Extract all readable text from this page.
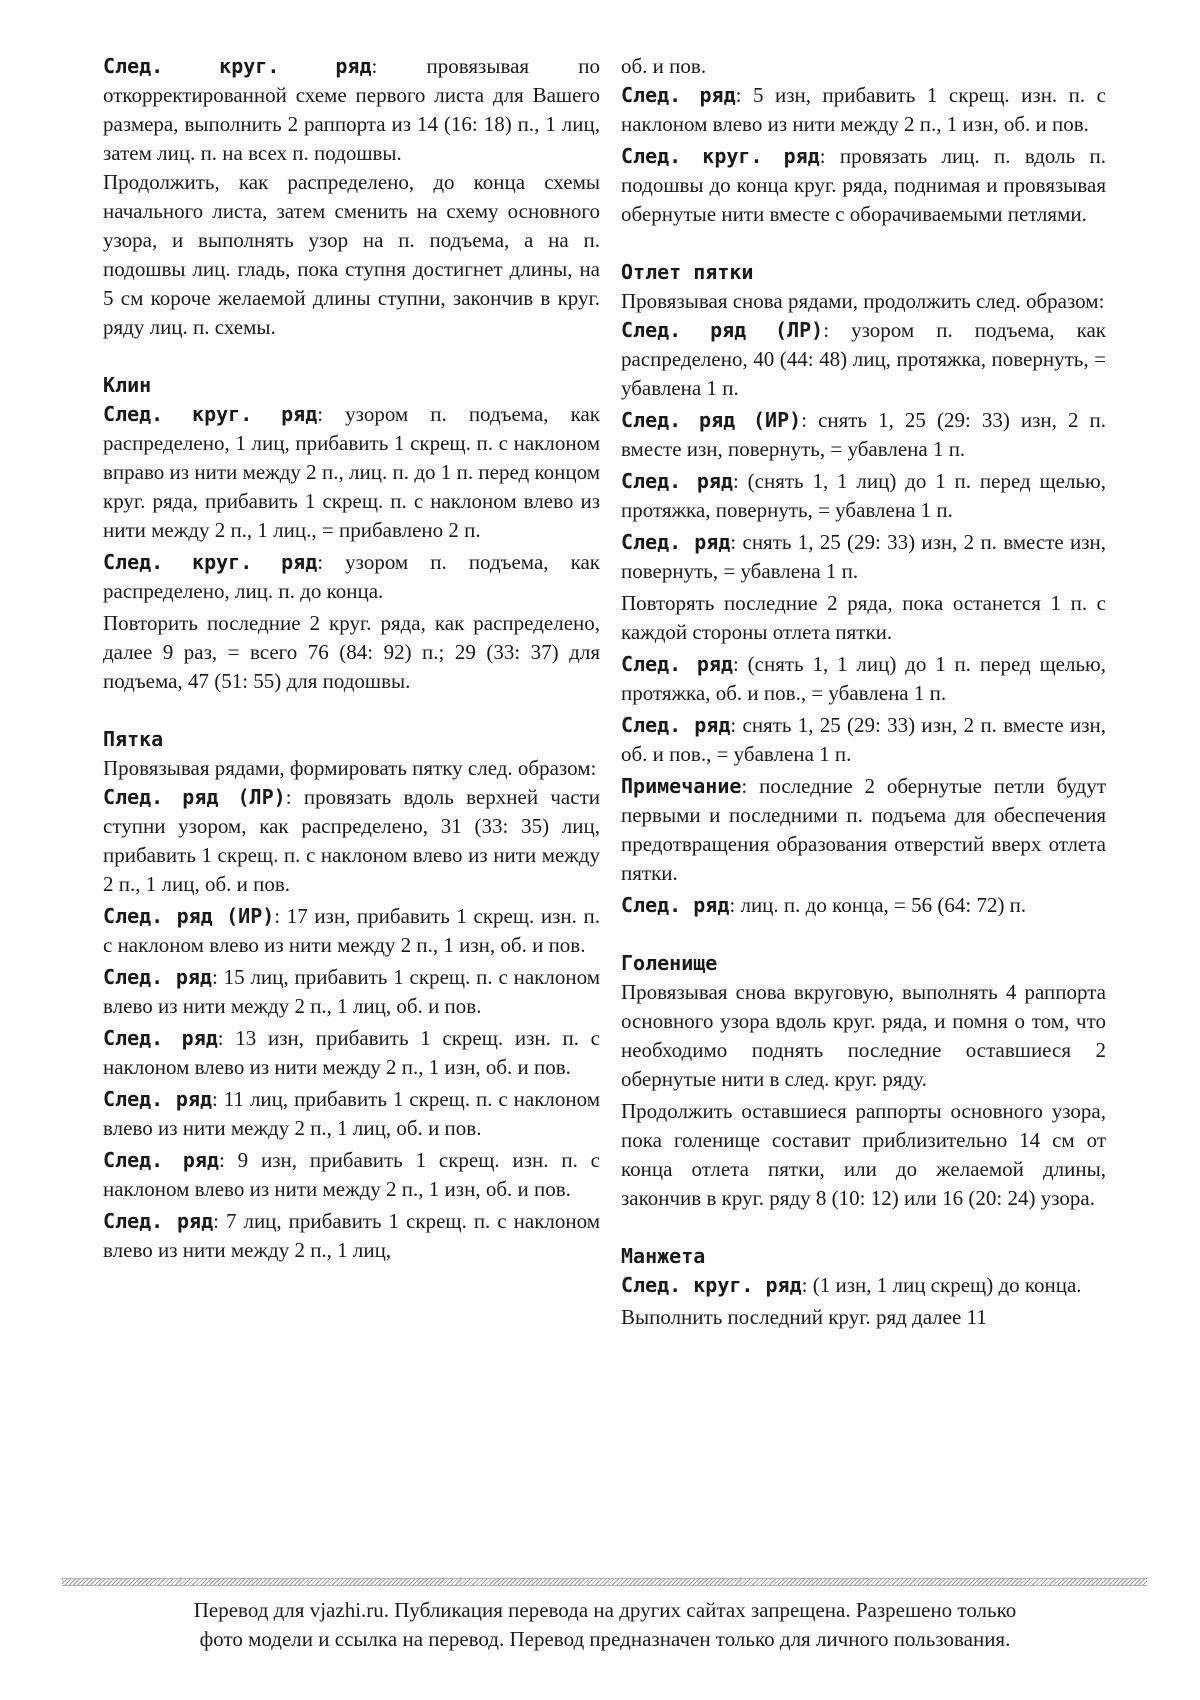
След. круг. ряд: провязывая по откорректированной схеме первого листа для Вашего размера, выполнить 2 раппорта из 14 (16: 18) п., 1 лиц, затем лиц. п. на всех п. подошвы.

Продолжить, как распределено, до конца схемы начального листа, затем сменить на схему основного узора, и выполнять узор на п. подъема, а на п. подошвы лиц. гладь, пока ступня достигнет длины, на 5 см короче желаемой длины ступни, закончив в круг. ряду лиц. п. схемы.

Клин

След. круг. ряд: узором п. подъема, как распределено, 1 лиц, прибавить 1 скрещ. п. с наклоном вправо из нити между 2 п., лиц. п. до 1 п. перед концом круг. ряда, прибавить 1 скрещ. п. с наклоном влево из нити между 2 п., 1 лиц., = прибавлено 2 п.

След. круг. ряд: узором п. подъема, как распределено, лиц. п. до конца.

Повторить последние 2 круг. ряда, как распределено, далее 9 раз, = всего 76 (84: 92) п.; 29 (33: 37) для подъема, 47 (51: 55) для подошвы.

Пятка

Провязывая рядами, формировать пятку след. образом:

След. ряд (ЛР): провязать вдоль верхней части ступни узором, как распределено, 31 (33: 35) лиц, прибавить 1 скрещ. п. с наклоном влево из нити между 2 п., 1 лиц, об. и пов.

След. ряд (ИР): 17 изн, прибавить 1 скрещ. изн. п. с наклоном влево из нити между 2 п., 1 изн, об. и пов.

След. ряд: 15 лиц, прибавить 1 скрещ. п. с наклоном влево из нити между 2 п., 1 лиц, об. и пов.

След. ряд: 13 изн, прибавить 1 скрещ. изн. п. с наклоном влево из нити между 2 п., 1 изн, об. и пов.

След. ряд: 11 лиц, прибавить 1 скрещ. п. с наклоном влево из нити между 2 п., 1 лиц, об. и пов.

След. ряд: 9 изн, прибавить 1 скрещ. изн. п. с наклоном влево из нити между 2 п., 1 изн, об. и пов.

След. ряд: 7 лиц, прибавить 1 скрещ. п. с наклоном влево из нити между 2 п., 1 лиц,

об. и пов.

След. ряд: 5 изн, прибавить 1 скрещ. изн. п. с наклоном влево из нити между 2 п., 1 изн, об. и пов.

След. круг. ряд: провязать лиц. п. вдоль п. подошвы до конца круг. ряда, поднимая и провязывая обернутые нити вместе с оборачиваемыми петлями.

Отлет пятки

Провязывая снова рядами, продолжить след. образом:

След. ряд (ЛР): узором п. подъема, как распределено, 40 (44: 48) лиц, протяжка, повернуть, = убавлена 1 п.

След. ряд (ИР): снять 1, 25 (29: 33) изн, 2 п. вместе изн, повернуть, = убавлена 1 п.

След. ряд: (снять 1, 1 лиц) до 1 п. перед щелью, протяжка, повернуть, = убавлена 1 п.

След. ряд: снять 1, 25 (29: 33) изн, 2 п. вместе изн, повернуть, = убавлена 1 п.

Повторять последние 2 ряда, пока останется 1 п. с каждой стороны отлета пятки.

След. ряд: (снять 1, 1 лиц) до 1 п. перед щелью, протяжка, об. и пов., = убавлена 1 п.

След. ряд: снять 1, 25 (29: 33) изн, 2 п. вместе изн, об. и пов., = убавлена 1 п.

Примечание: последние 2 обернутые петли будут первыми и последними п. подъема для обеспечения предотвращения образования отверстий вверх отлета пятки.

След. ряд: лиц. п. до конца, = 56 (64: 72) п.

Голенище

Провязывая снова вкруговую, выполнять 4 раппорта основного узора вдоль круг. ряда, и помня о том, что необходимо поднять последние оставшиеся 2 обернутые нити в след. круг. ряду.

Продолжить оставшиеся раппорты основного узора, пока голенище составит приблизительно 14 см от конца отлета пятки, или до желаемой длины, закончив в круг. ряду 8 (10: 12) или 16 (20: 24) узора.

Манжета

След. круг. ряд: (1 изн, 1 лиц скрещ) до конца.

Выполнить последний круг. ряд далее 11

Перевод для vjazhi.ru. Публикация перевода на других сайтах запрещена. Разрешено только
фото модели и ссылка на перевод. Перевод предназначен только для личного пользования.
